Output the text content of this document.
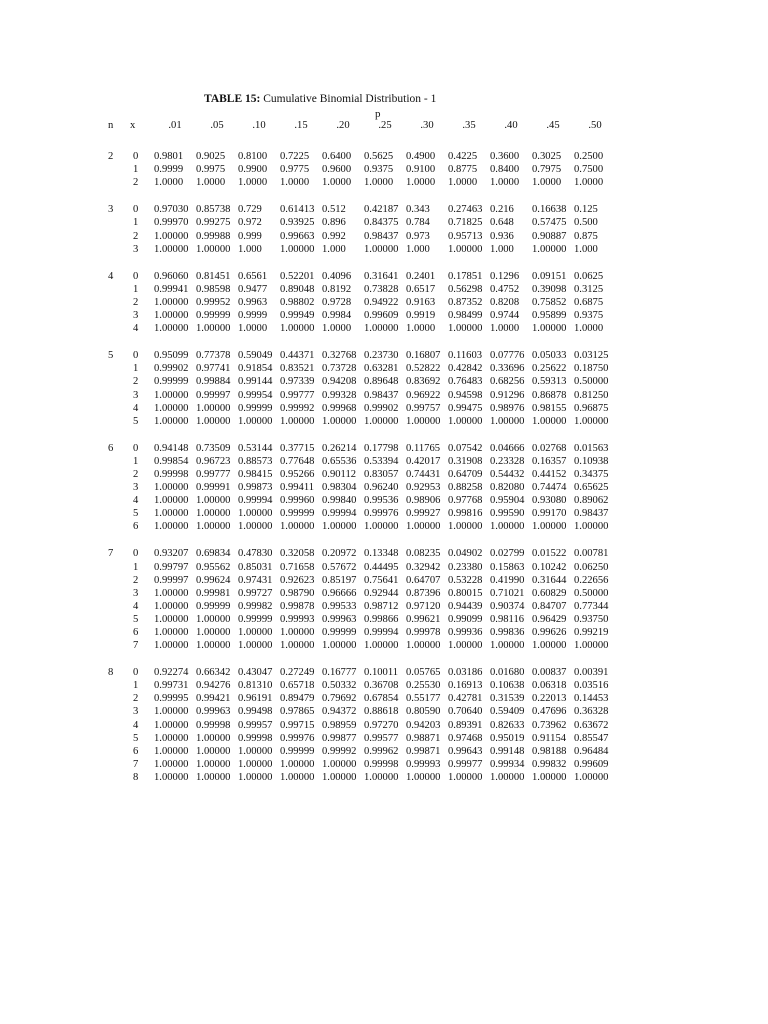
TABLE 15: Cumulative Binomial Distribution - 1
p
n	x	.01	.05	.10	.15	.20	.25	.30	.35	.40	.45	.50
2	0	0.9801	0.9025	0.8100	0.7225	0.6400	0.5625	0.4900	0.4225	0.3600	0.3025	0.2500
	1	0.9999	0.9975	0.9900	0.9775	0.9600	0.9375	0.9100	0.8775	0.8400	0.7975	0.7500
	2	1.0000	1.0000	1.0000	1.0000	1.0000	1.0000	1.0000	1.0000	1.0000	1.0000	1.0000

3	0	0.97030	0.85738	0.729	0.61413	0.512	0.42187	0.343	0.27463	0.216	0.16638	0.125
	1	0.99970	0.99275	0.972	0.93925	0.896	0.84375	0.784	0.71825	0.648	0.57475	0.500
	2	1.00000	0.99988	0.999	0.99663	0.992	0.98437	0.973	0.95713	0.936	0.90887	0.875
	3	1.00000	1.00000	1.000	1.00000	1.000	1.00000	1.000	1.00000	1.000	1.00000	1.000

4	0	0.96060	0.81451	0.6561	0.52201	0.4096	0.31641	0.2401	0.17851	0.1296	0.09151	0.0625
	1	0.99941	0.98598	0.9477	0.89048	0.8192	0.73828	0.6517	0.56298	0.4752	0.39098	0.3125
	2	1.00000	0.99952	0.9963	0.98802	0.9728	0.94922	0.9163	0.87352	0.8208	0.75852	0.6875
	3	1.00000	0.99999	0.9999	0.99949	0.9984	0.99609	0.9919	0.98499	0.9744	0.95899	0.9375
	4	1.00000	1.00000	1.0000	1.00000	1.0000	1.00000	1.0000	1.00000	1.0000	1.00000	1.0000

5	0	0.95099	0.77378	0.59049	0.44371	0.32768	0.23730	0.16807	0.11603	0.07776	0.05033	0.03125
	1	0.99902	0.97741	0.91854	0.83521	0.73728	0.63281	0.52822	0.42842	0.33696	0.25622	0.18750
	2	0.99999	0.99884	0.99144	0.97339	0.94208	0.89648	0.83692	0.76483	0.68256	0.59313	0.50000
	3	1.00000	0.99997	0.99954	0.99777	0.99328	0.98437	0.96922	0.94598	0.91296	0.86878	0.81250
	4	1.00000	1.00000	0.99999	0.99992	0.99968	0.99902	0.99757	0.99475	0.98976	0.98155	0.96875
	5	1.00000	1.00000	1.00000	1.00000	1.00000	1.00000	1.00000	1.00000	1.00000	1.00000	1.00000

6	0	0.94148	0.73509	0.53144	0.37715	0.26214	0.17798	0.11765	0.07542	0.04666	0.02768	0.01563
	1	0.99854	0.96723	0.88573	0.77648	0.65536	0.53394	0.42017	0.31908	0.23328	0.16357	0.10938
	2	0.99998	0.99777	0.98415	0.95266	0.90112	0.83057	0.74431	0.64709	0.54432	0.44152	0.34375
	3	1.00000	0.99991	0.99873	0.99411	0.98304	0.96240	0.92953	0.88258	0.82080	0.74474	0.65625
	4	1.00000	1.00000	0.99994	0.99960	0.99840	0.99536	0.98906	0.97768	0.95904	0.93080	0.89062
	5	1.00000	1.00000	1.00000	0.99999	0.99994	0.99976	0.99927	0.99816	0.99590	0.99170	0.98437
	6	1.00000	1.00000	1.00000	1.00000	1.00000	1.00000	1.00000	1.00000	1.00000	1.00000	1.00000

7	0	0.93207	0.69834	0.47830	0.32058	0.20972	0.13348	0.08235	0.04902	0.02799	0.01522	0.00781
	1	0.99797	0.95562	0.85031	0.71658	0.57672	0.44495	0.32942	0.23380	0.15863	0.10242	0.06250
	2	0.99997	0.99624	0.97431	0.92623	0.85197	0.75641	0.64707	0.53228	0.41990	0.31644	0.22656
	3	1.00000	0.99981	0.99727	0.98790	0.96666	0.92944	0.87396	0.80015	0.71021	0.60829	0.50000
	4	1.00000	0.99999	0.99982	0.99878	0.99533	0.98712	0.97120	0.94439	0.90374	0.84707	0.77344
	5	1.00000	1.00000	0.99999	0.99993	0.99963	0.99866	0.99621	0.99099	0.98116	0.96429	0.93750
	6	1.00000	1.00000	1.00000	1.00000	0.99999	0.99994	0.99978	0.99936	0.99836	0.99626	0.99219
	7	1.00000	1.00000	1.00000	1.00000	1.00000	1.00000	1.00000	1.00000	1.00000	1.00000	1.00000

8	0	0.92274	0.66342	0.43047	0.27249	0.16777	0.10011	0.05765	0.03186	0.01680	0.00837	0.00391
	1	0.99731	0.94276	0.81310	0.65718	0.50332	0.36708	0.25530	0.16913	0.10638	0.06318	0.03516
	2	0.99995	0.99421	0.96191	0.89479	0.79692	0.67854	0.55177	0.42781	0.31539	0.22013	0.14453
	3	1.00000	0.99963	0.99498	0.97865	0.94372	0.88618	0.80590	0.70640	0.59409	0.47696	0.36328
	4	1.00000	0.99998	0.99957	0.99715	0.98959	0.97270	0.94203	0.89391	0.82633	0.73962	0.63672
	5	1.00000	1.00000	0.99998	0.99976	0.99877	0.99577	0.98871	0.97468	0.95019	0.91154	0.85547
	6	1.00000	1.00000	1.00000	0.99999	0.99992	0.99962	0.99871	0.99643	0.99148	0.98188	0.96484
	7	1.00000	1.00000	1.00000	1.00000	1.00000	0.99998	0.99993	0.99977	0.99934	0.99832	0.99609
	8	1.00000	1.00000	1.00000	1.00000	1.00000	1.00000	1.00000	1.00000	1.00000	1.00000	1.00000
